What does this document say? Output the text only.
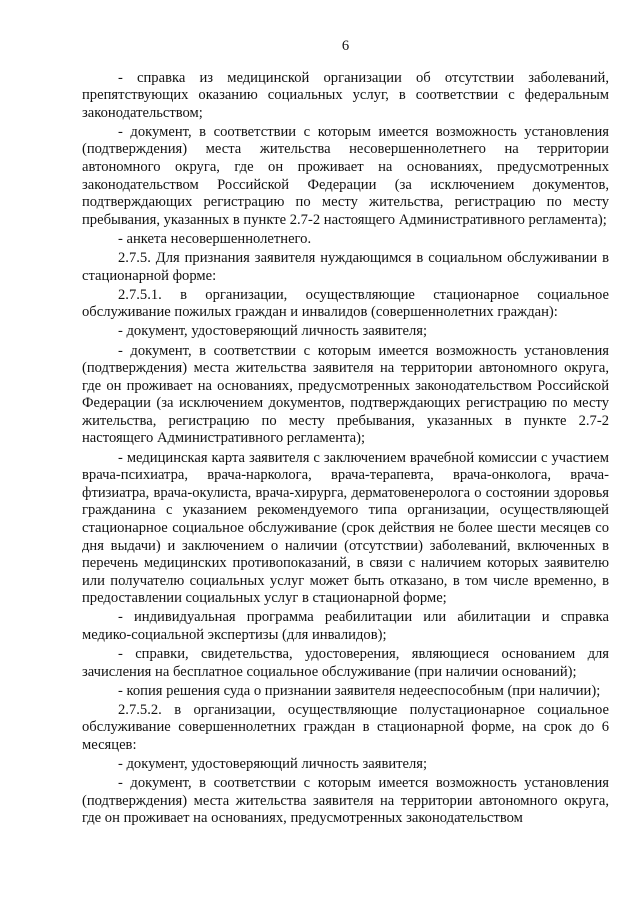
6

- справка из медицинской организации об отсутствии заболеваний, препятствующих оказанию социальных услуг, в соответствии с федеральным законодательством;

- документ, в соответствии с которым имеется возможность установления (подтверждения) места жительства несовершеннолетнего на территории автономного округа, где он проживает на основаниях, предусмотренных законодательством Российской Федерации (за исключением документов, подтверждающих регистрацию по месту жительства, регистрацию по месту пребывания, указанных в пункте 2.7-2 настоящего Административного регламента);

- анкета несовершеннолетнего.

2.7.5. Для признания заявителя нуждающимся в социальном обслуживании в стационарной форме:

2.7.5.1. в организации, осуществляющие стационарное социальное обслуживание пожилых граждан и инвалидов (совершеннолетних граждан):

- документ, удостоверяющий личность заявителя;

- документ, в соответствии с которым имеется возможность установления (подтверждения) места жительства заявителя на территории автономного округа, где он проживает на основаниях, предусмотренных законодательством Российской Федерации (за исключением документов, подтверждающих регистрацию по месту жительства, регистрацию по месту пребывания, указанных в пункте 2.7-2 настоящего Административного регламента);

- медицинская карта заявителя с заключением врачебной комиссии с участием врача-психиатра, врача-нарколога, врача-терапевта, врача-онколога, врача-фтизиатра, врача-окулиста, врача-хирурга, дерматовенеролога о состоянии здоровья гражданина с указанием рекомендуемого типа организации, осуществляющей стационарное социальное обслуживание (срок действия не более шести месяцев со дня выдачи) и заключением о наличии (отсутствии) заболеваний, включенных в перечень медицинских противопоказаний, в связи с наличием которых заявителю или получателю социальных услуг может быть отказано, в том числе временно, в предоставлении социальных услуг в стационарной форме;

- индивидуальная программа реабилитации или абилитации и справка медико-социальной экспертизы (для инвалидов);

- справки, свидетельства, удостоверения, являющиеся основанием для зачисления на бесплатное социальное обслуживание (при наличии оснований);

- копия решения суда о признании заявителя недееспособным (при наличии);

2.7.5.2. в организации, осуществляющие полустационарное социальное обслуживание совершеннолетних граждан в стационарной форме, на срок до 6 месяцев:

- документ, удостоверяющий личность заявителя;

- документ, в соответствии с которым имеется возможность установления (подтверждения) места жительства заявителя на территории автономного округа, где он проживает на основаниях, предусмотренных законодательством
